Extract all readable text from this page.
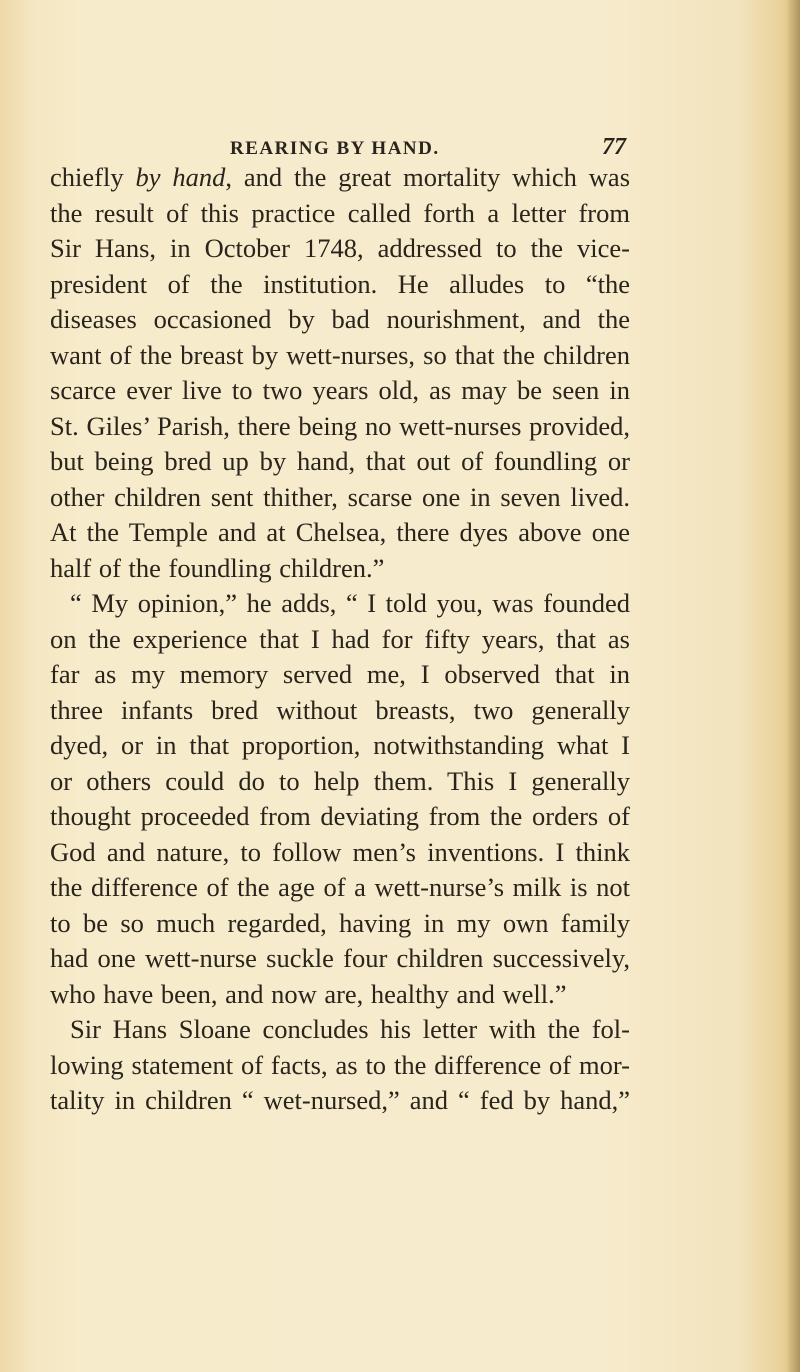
REARING BY HAND.	77
chiefly by hand, and the great mortality which was
the result of this practice called forth a letter from
Sir Hans, in October 1748, addressed to the vice-
president of the institution. He alludes to “the
diseases occasioned by bad nourishment, and the
want of the breast by wett-nurses, so that the children
scarce ever live to two years old, as may be seen in
St. Giles’ Parish, there being no wett-nurses provided,
but being bred up by hand, that out of foundling or
other children sent thither, scarse one in seven lived.
At the Temple and at Chelsea, there dyes above one
half of the foundling children.”
“ My opinion,” he adds, “ I told you, was founded
on the experience that I had for fifty years, that as
far as my memory served me, I observed that in
three infants bred without breasts, two generally
dyed, or in that proportion, notwithstanding what I
or others could do to help them. This I generally
thought proceeded from deviating from the orders of
God and nature, to follow men’s inventions. I think
the difference of the age of a wett-nurse’s milk is not
to be so much regarded, having in my own family
had one wett-nurse suckle four children successively,
who have been, and now are, healthy and well.”
Sir Hans Sloane concludes his letter with the fol-
lowing statement of facts, as to the difference of mor-
tality in children “ wet-nursed,” and “ fed by hand,”
